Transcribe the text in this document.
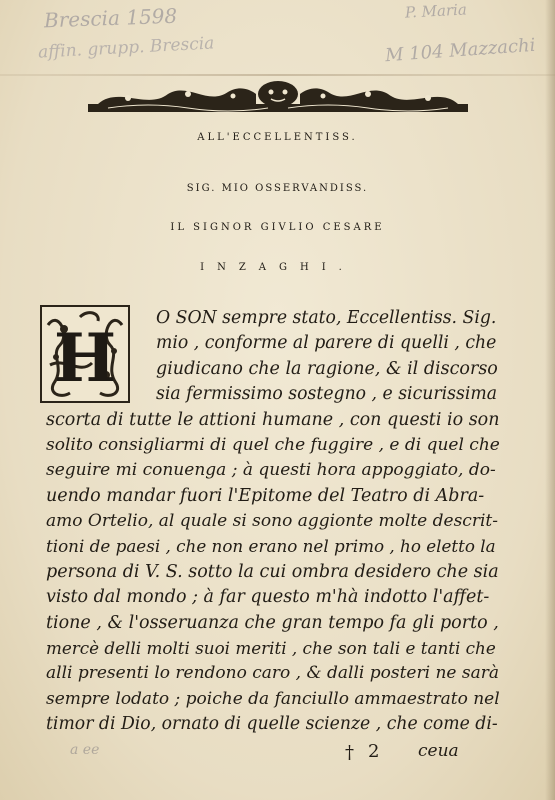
Brescia 1598
affin. grupp. Brescia
P. Maria
M 104 Mazzachi
ALL'ECCELLENTISS.
SIG. MIO OSSERVANDISS.
IL SIGNOR GIVLIO CESARE
INZAGHI.
H
O SON sempre stato, Eccellentiss. Sig.
mio , conforme al parere di quelli , che
giudicano che la ragione, & il discorso
sia fermissimo sostegno , e sicurissima
scorta di tutte le attioni humane , con questi io son
solito consigliarmi di quel che fuggire , e di quel che
seguire mi conuenga ; à questi hora appoggiato, do-
uendo mandar fuori l'Epitome del Teatro di Abra-
amo Ortelio, al quale si sono aggionte molte descrit-
tioni de paesi , che non erano nel primo , ho eletto la
persona di V. S. sotto la cui ombra desidero che sia
visto dal mondo ; à far questo m'hà indotto l'affet-
tione , & l'osseruanza che gran tempo fa gli porto ,
mercè delli molti suoi meriti , che son tali e tanti che
alli presenti lo rendono caro , & dalli posteri ne sarà
sempre lodato ; poiche da fanciullo ammaestrato nel
timor di Dio, ornato di quelle scienze , che come di-
a ee	† 2 ceua
